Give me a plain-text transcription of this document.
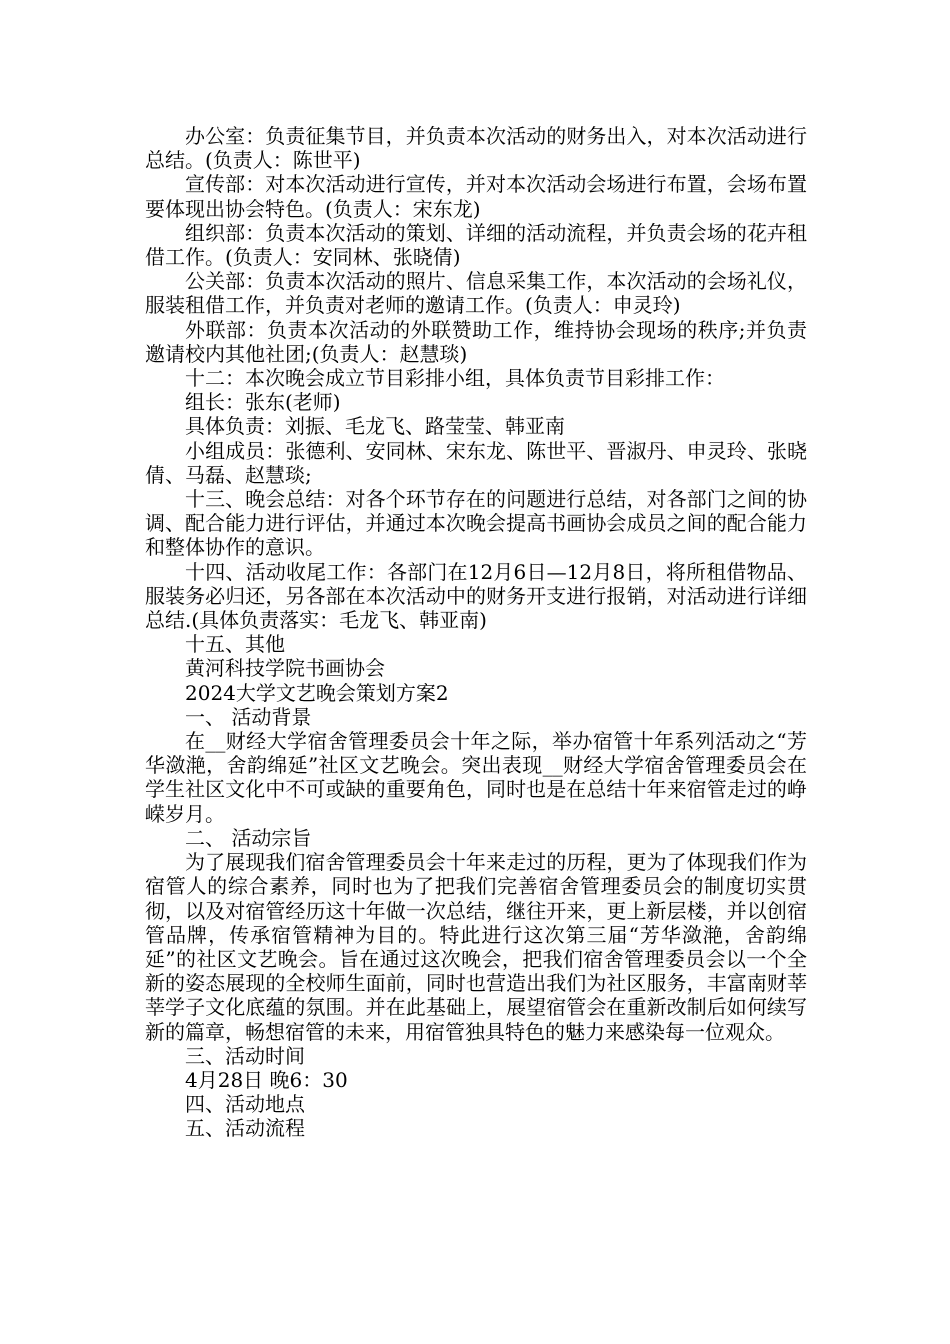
办公室：负责征集节目，并负责本次活动的财务出入，对本次活动进行总结。(负责人：陈世平)

宣传部：对本次活动进行宣传，并对本次活动会场进行布置，会场布置要体现出协会特色。(负责人：宋东龙)

组织部：负责本次活动的策划、详细的活动流程，并负责会场的花卉租借工作。(负责人：安同林、张晓倩)

公关部：负责本次活动的照片、信息采集工作，本次活动的会场礼仪，服装租借工作，并负责对老师的邀请工作。(负责人：申灵玲)

外联部：负责本次活动的外联赞助工作，维持协会现场的秩序;并负责邀请校内其他社团;(负责人：赵慧琰)

十二：本次晚会成立节目彩排小组，具体负责节目彩排工作：

组长：张东(老师)

具体负责：刘振、毛龙飞、路莹莹、韩亚南

小组成员：张德利、安同林、宋东龙、陈世平、晋淑丹、申灵玲、张晓倩、马磊、赵慧琰;

十三、晚会总结：对各个环节存在的问题进行总结，对各部门之间的协调、配合能力进行评估，并通过本次晚会提高书画协会成员之间的配合能力和整体协作的意识。

十四、活动收尾工作：各部门在12月6日—12月8日，将所租借物品、服装务必归还，另各部在本次活动中的财务开支进行报销，对活动进行详细总结.(具体负责落实：毛龙飞、韩亚南)

十五、其他

黄河科技学院书画协会

2024大学文艺晚会策划方案2

一、 活动背景

在__财经大学宿舍管理委员会十年之际，举办宿管十年系列活动之“芳华潋滟，舍韵绵延”社区文艺晚会。突出表现__财经大学宿舍管理委员会在学生社区文化中不可或缺的重要角色，同时也是在总结十年来宿管走过的峥嵘岁月。

二、 活动宗旨

为了展现我们宿舍管理委员会十年来走过的历程，更为了体现我们作为宿管人的综合素养，同时也为了把我们完善宿舍管理委员会的制度切实贯彻，以及对宿管经历这十年做一次总结，继往开来，更上新层楼，并以创宿管品牌，传承宿管精神为目的。特此进行这次第三届“芳华潋滟，舍韵绵延”的社区文艺晚会。旨在通过这次晚会，把我们宿舍管理委员会以一个全新的姿态展现的全校师生面前，同时也营造出我们为社区服务，丰富南财莘莘学子文化底蕴的氛围。并在此基础上，展望宿管会在重新改制后如何续写新的篇章，畅想宿管的未来，用宿管独具特色的魅力来感染每一位观众。

三、活动时间

4月28日 晚6：30

四、活动地点

五、活动流程
